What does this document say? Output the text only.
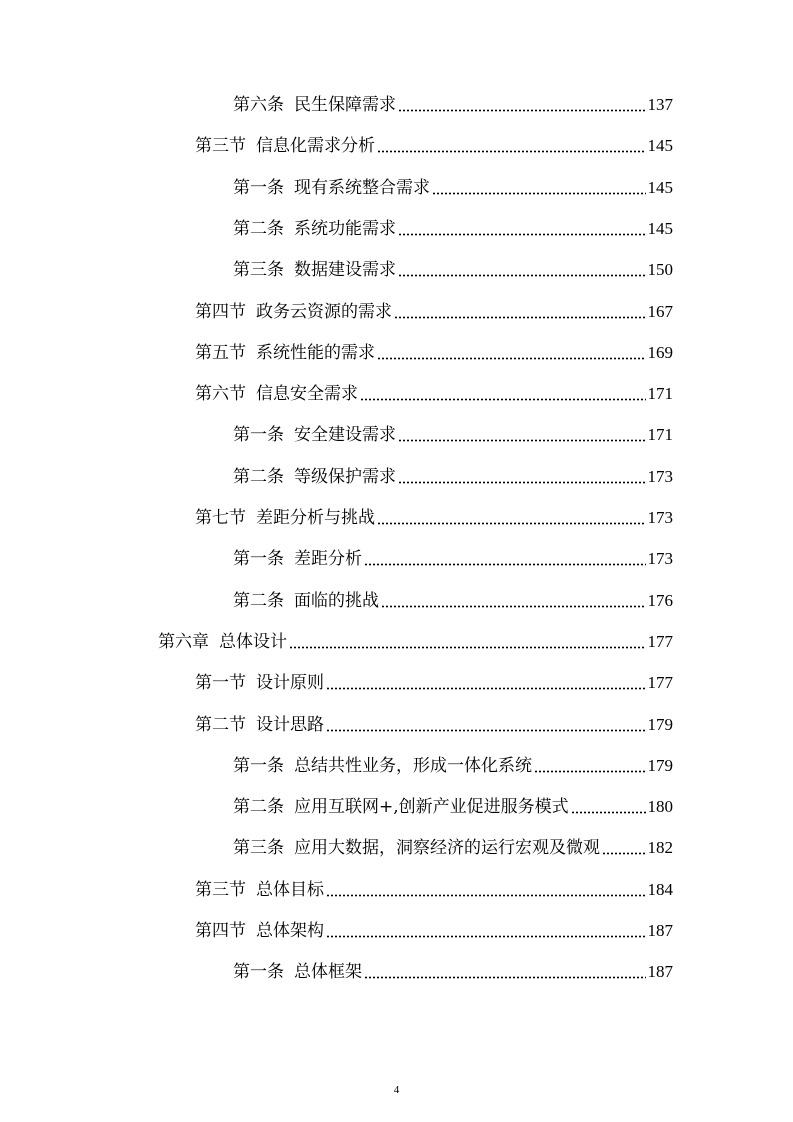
第六条 民生保障需求	137
第三节 信息化需求分析	145
第一条 现有系统整合需求	145
第二条 系统功能需求	145
第三条 数据建设需求	150
第四节 政务云资源的需求	167
第五节 系统性能的需求	169
第六节 信息安全需求	171
第一条 安全建设需求	171
第二条 等级保护需求	173
第七节 差距分析与挑战	173
第一条 差距分析	173
第二条 面临的挑战	176
第六章 总体设计	177
第一节 设计原则	177
第二节 设计思路	179
第一条 总结共性业务，形成一体化系统	179
第二条 应用互联网+,创新产业促进服务模式	180
第三条 应用大数据，洞察经济的运行宏观及微观	182
第三节 总体目标	184
第四节 总体架构	187
第一条 总体框架	187
4
